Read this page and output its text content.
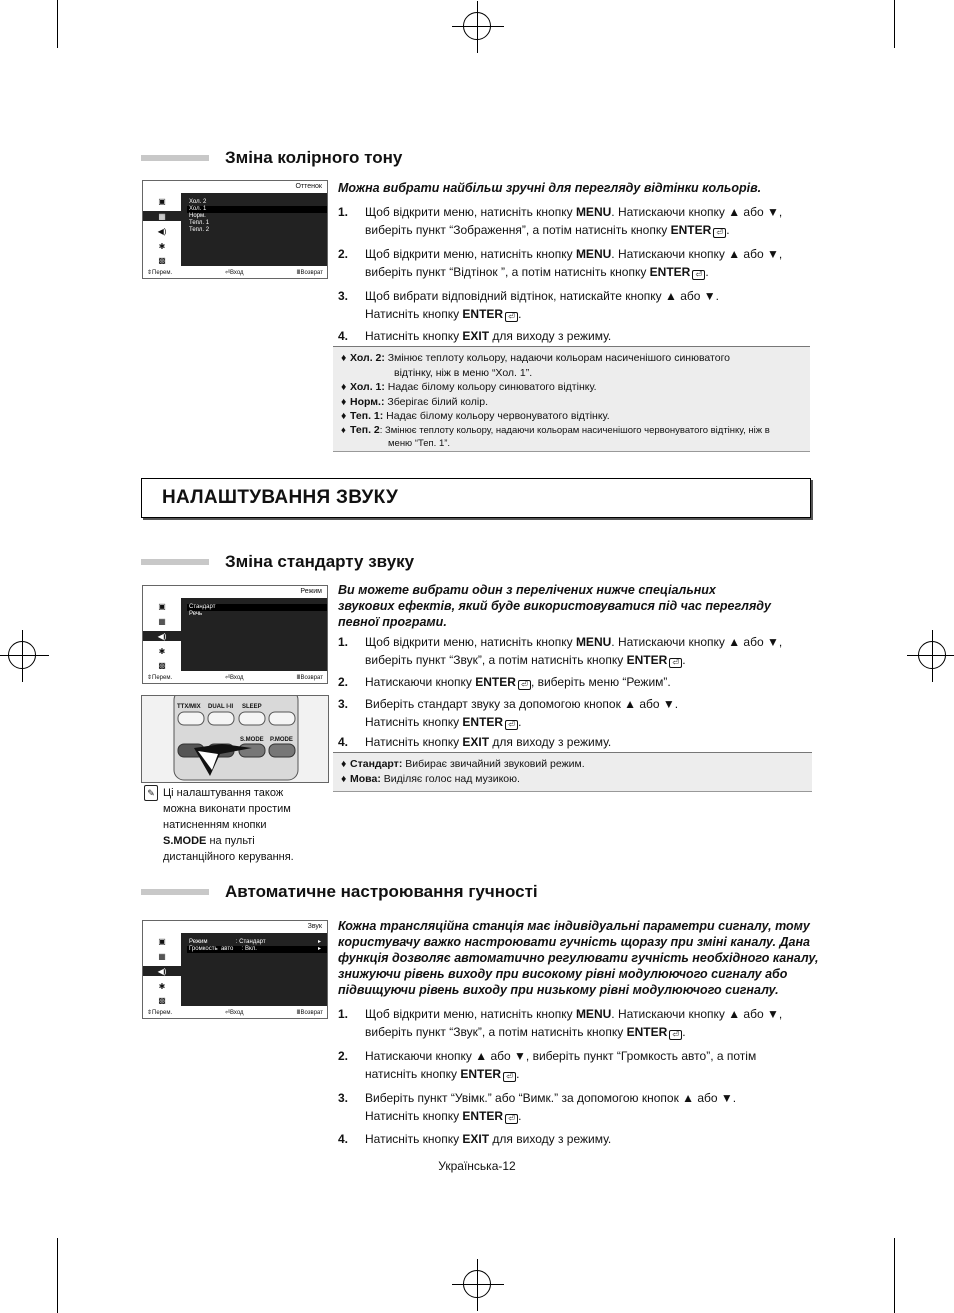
Зміна колірного тону
Оттенок
▣
▦
◀)
✱
▩
Хол. 2
Хол. 1
Норм.
Тепл. 1
Тепл. 2
⇕Перем.	⏎Вход	ⅢВозврат
Можна вибрати найбільш зручні для перегляду відтінки кольорів.
1.	Щоб відкрити меню, натисніть кнопку MENU. Натискаючи кнопку ▲ або ▼,
виберіть пункт “Зображення”, а потім натисніть кнопку ENTER ⏎ .
2.	Щоб відкрити меню, натисніть кнопку MENU. Натискаючи кнопку ▲ або ▼,
виберіть пункт “Відтінок ”, а потім натисніть кнопку ENTER ⏎ .
3.	Щоб вибрати відповідний відтінок, натискайте кнопку ▲ або ▼.
Натисніть кнопку ENTER ⏎ .
4.	Натисніть кнопку EXIT для виходу з режиму.
♦ Хол. 2: Змінює теплоту кольору, надаючи кольорам насиченішого синюватого
відтінку, ніж в меню “Хол. 1”.
♦ Хол. 1: Надає білому кольору синюватого відтінку.
♦ Норм.: Зберігає білий колір.
♦ Теп. 1: Надає білому кольору червонуватого відтінку.
♦ Теп. 2: Змінює теплоту кольору, надаючи кольорам насиченішого червонуватого відтінку, ніж в
меню “Теп. 1”.
НАЛАШТУВАННЯ ЗВУКУ
Зміна стандарту звуку
Режим
▣
▦
◀)
✱
▩
Стандарт
Речь
⇕Перем.	⏎Вход	ⅢВозврат
TTX/MIX DUAL I-II SLEEP
S.MODE P.MODE
✎ Ці налаштування також
можна виконати простим
натисненням кнопки
S.MODE на пульті
дистанційного керування.
Ви можете вибрати один з перелічених нижче спеціальних
звукових ефектів, який буде використовуватися під час перегляду
певної програми.
1.	Щоб відкрити меню, натисніть кнопку MENU. Натискаючи кнопку ▲ або ▼,
виберіть пункт “Звук”, а потім натисніть кнопку ENTER ⏎ .
2.	Натискаючи кнопку ENTER ⏎ , виберіть меню “Режим”.
3.	Виберіть стандарт звуку за допомогою кнопок ▲ або ▼.
Натисніть кнопку ENTER ⏎ .
4.	Натисніть кнопку EXIT для виходу з режиму.
♦ Стандарт: Вибирає звичайний звуковий режим.
♦ Мова: Виділяє голос над музикою.
Автоматичне настроювання гучності
Звук
▣
▦
◀)
✱
▩
Режим                 : Стандарт	▸
Громкость  авто     : Вкл.	▸
⇕Перем.	⏎Вход	ⅢВозврат
Кожна трансляційна станція має індивідуальні параметри сигналу, тому
користувачу важко настроювати гучність щоразу при зміні каналу. Дана
функція дозволяє автоматично регулювати гучність необхідного каналу,
знижуючи рівень виходу при високому рівні модулюючого сигналу або
підвищуючи рівень виходу при низькому рівні модулюючого сигналу.
1.	Щоб відкрити меню, натисніть кнопку MENU. Натискаючи кнопку ▲ або ▼,
виберіть пункт “Звук”, а потім натисніть кнопку ENTER ⏎ .
2.	Натискаючи кнопку ▲ або ▼, виберіть пункт “Громкость авто”, а потім
натисніть кнопку ENTER ⏎ .
3.	Виберіть пункт “Увімк.” або “Вимк.” за допомогою кнопок ▲ або ▼.
Натисніть кнопку ENTER ⏎ .
4.	Натисніть кнопку EXIT для виходу з режиму.
Українська-12
